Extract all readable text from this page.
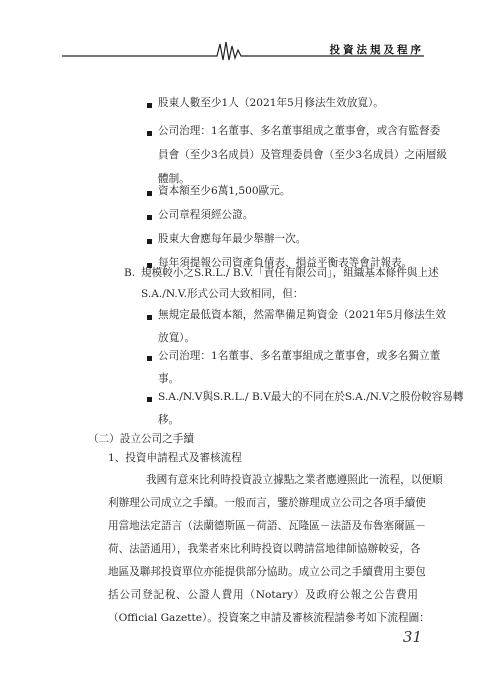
投資法規及程序
股東人數至少1人（2021年5月修法生效放寬）。
公司治理：1名董事、多名董事組成之董事會，或含有監督委
員會（至少3名成員）及管理委員會（至少3名成員）之兩層級
體制。
資本額至少6萬1,500歐元。
公司章程須經公證。
股東大會應每年最少舉辦一次。
每年須提報公司資產負債表、損益平衡表等會計報表。
B. 規模較小之S.R.L./ B.V.「責任有限公司」，組織基本條件與上述
S.A./N.V.形式公司大致相同，但：
無規定最低資本額，然需準備足夠資金（2021年5月修法生效
放寬）。
公司治理：1名董事、多名董事組成之董事會，或多名獨立董
事。
S.A./N.V與S.R.L./ B.V最大的不同在於S.A./N.V之股份較容易轉
移。
（二）設立公司之手續
1、投資申請程式及審核流程
我國有意來比利時投資設立據點之業者應遵照此一流程，以便順
利辦理公司成立之手續。一般而言，鑒於辦理成立公司之各項手續使
用當地法定語言（法蘭德斯區－荷語、瓦隆區－法語及布魯塞爾區－
荷、法語通用），我業者來比利時投資以聘請當地律師協辦較妥，各
地區及聯邦投資單位亦能提供部分協助。成立公司之手續費用主要包
括公司登記稅、公證人費用（Notary）及政府公報之公告費用
（Official Gazette）。投資案之申請及審核流程請參考如下流程圖：
31
